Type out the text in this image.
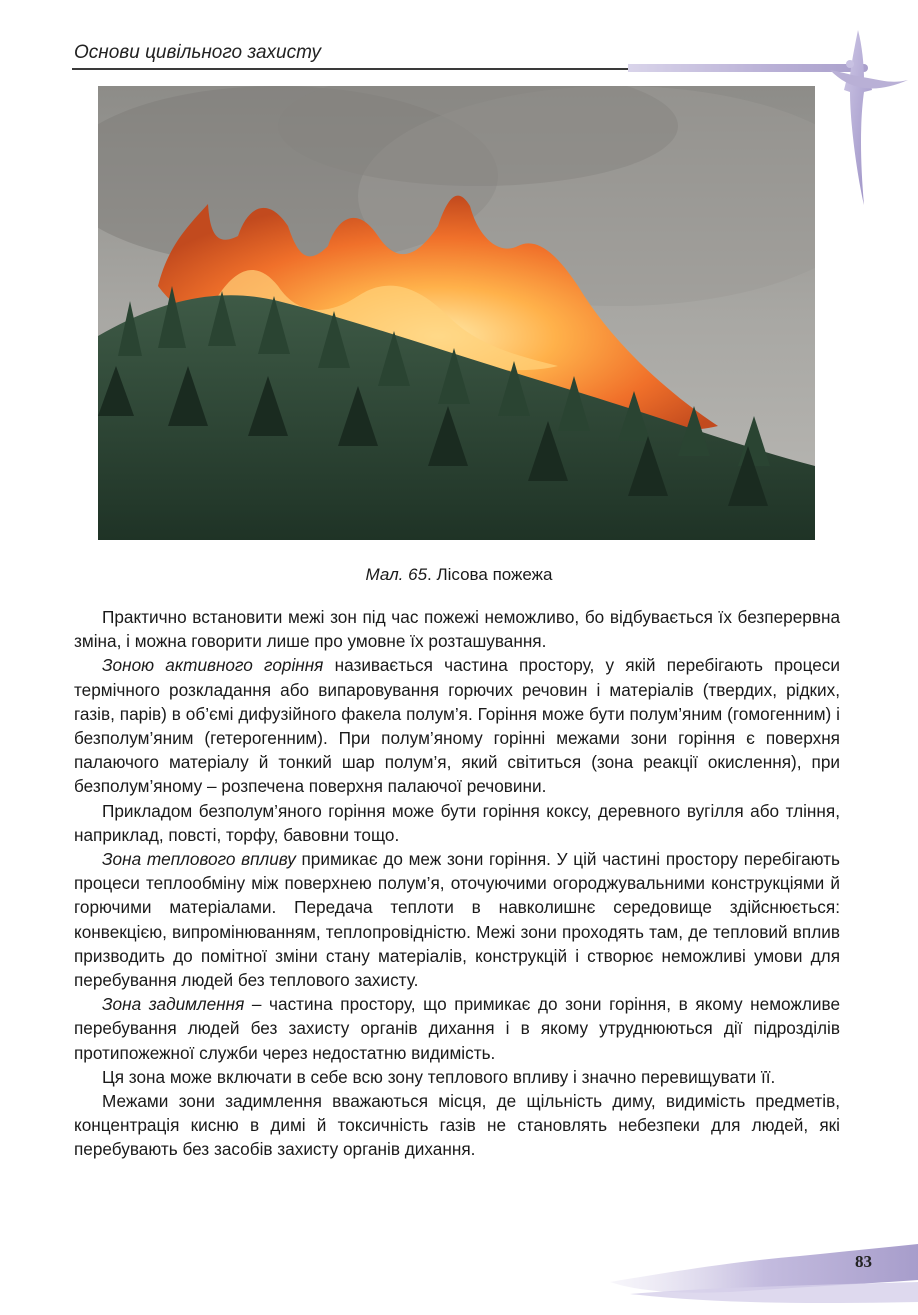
Основи цивільного захисту
Мал. 65. Лісова пожежа

Практично встановити межі зон під час пожежі неможливо, бо відбувається їх безперервна зміна, і можна говорити лише про умовне їх розташування.

Зоною активного горіння називається частина простору, у якій перебігають процеси термічного розкладання або випаровування горючих речовин і матеріалів (твердих, рідких, газів, парів) в об’ємі дифузійного факела полум’я. Горіння може бути полум’яним (гомогенним) і безполум’яним (гетерогенним). При полум’яному горінні межами зони горіння є поверхня палаючого матеріалу й тонкий шар полум’я, який світиться (зона реакції окислення), при безполум’яному – розпечена поверхня палаючої речовини.

Прикладом безполум’яного горіння може бути горіння коксу, деревного вугілля або тління, наприклад, повсті, торфу, бавовни тощо.

Зона теплового впливу примикає до меж зони горіння. У цій частині простору перебігають процеси теплообміну між поверхнею полум’я, оточуючими огороджувальними конструкціями й горючими матеріалами. Передача теплоти в навколишнє середовище здійснюється: конвекцією, випромінюванням, теплопровідністю. Межі зони проходять там, де тепловий вплив призводить до помітної зміни стану матеріалів, конструкцій і створює неможливі умови для перебування людей без теплового захисту.

Зона задимлення – частина простору, що примикає до зони горіння, в якому неможливе перебування людей без захисту органів дихання і в якому утруднюються дії підрозділів протипожежної служби через недостатню видимість.

Ця зона може включати в себе всю зону теплового впливу і значно перевищувати її.

Межами зони задимлення вважаються місця, де щільність диму, видимість предметів, концентрація кисню в димі й токсичність газів не становлять небезпеки для людей, які перебувають без засобів захисту органів дихання.

83
